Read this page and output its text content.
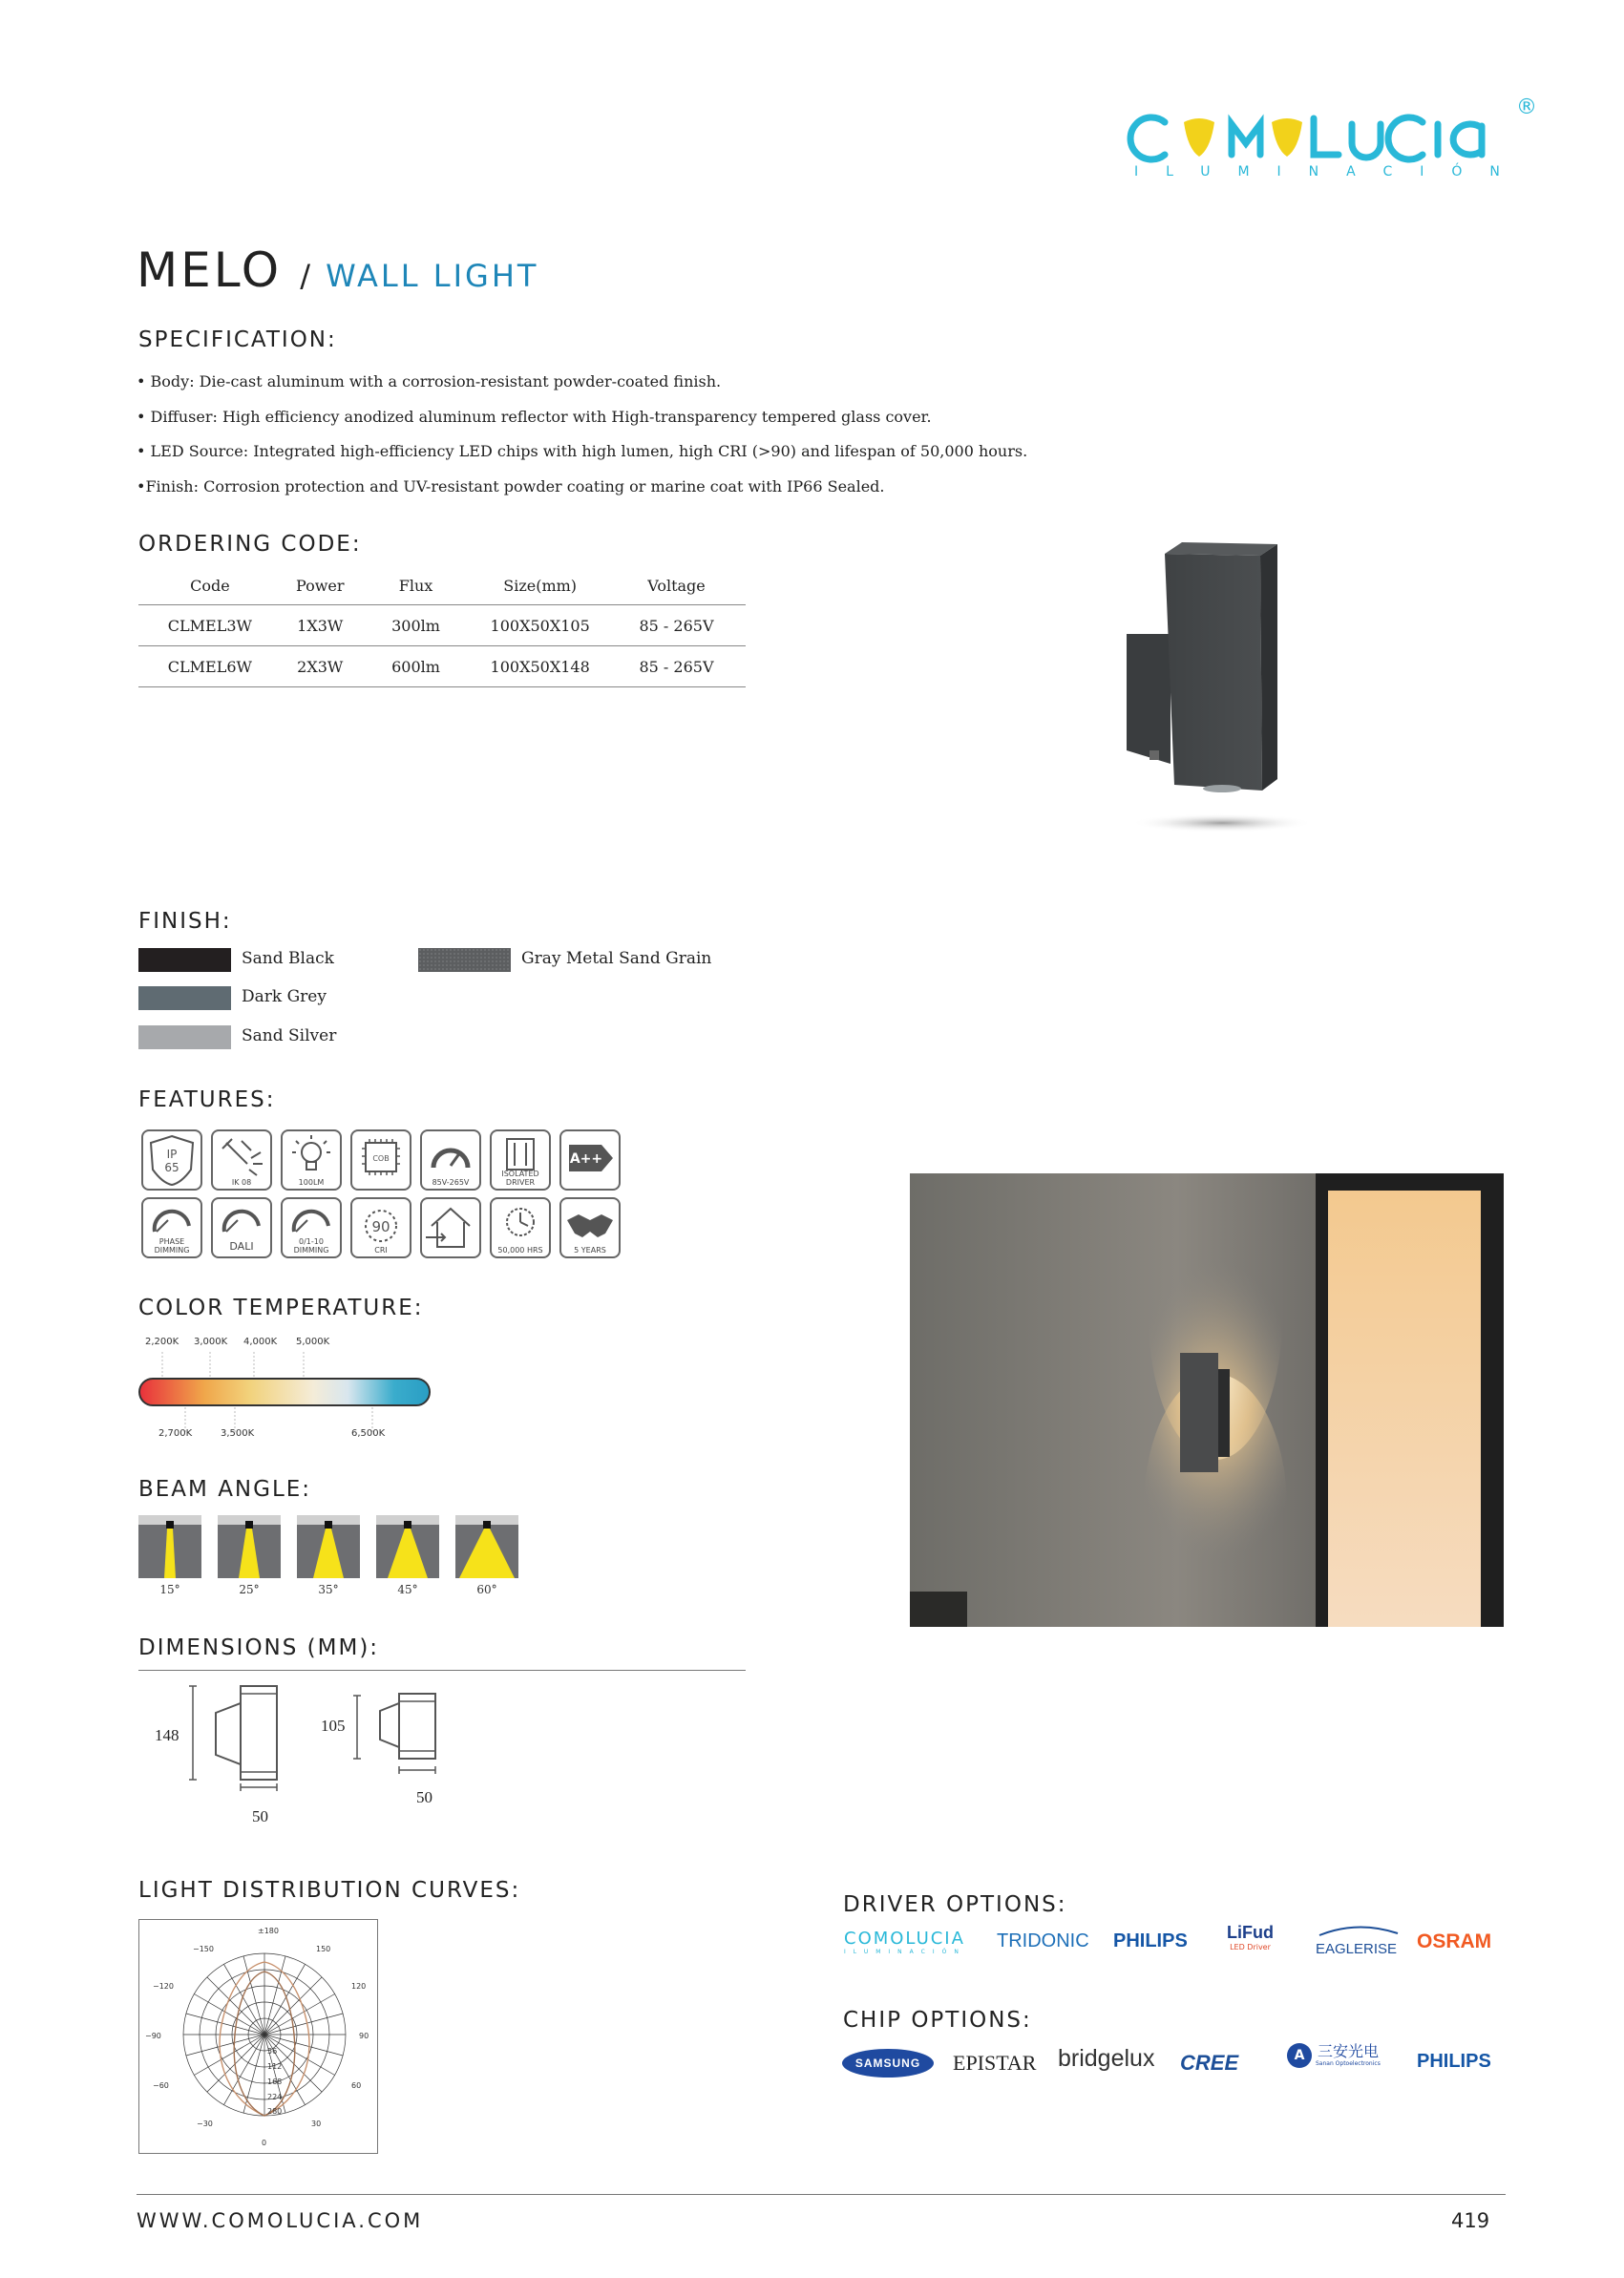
®
ILUMINACIÓN
MELO / WALL LIGHT
SPECIFICATION:
• Body: Die-cast aluminum with a corrosion-resistant powder-coated finish.
• Diffuser: High efficiency anodized aluminum reflector with High-transparency tempered glass cover.
• LED Source: Integrated high-efficiency LED chips with high lumen, high CRI (>90) and lifespan of 50,000 hours.
•Finish: Corrosion protection and UV-resistant powder coating or marine coat with IP66 Sealed.
ORDERING CODE:
Code	Power	Flux	Size(mm)	Voltage
CLMEL3W	1X3W	300lm	100X50X105	85 - 265V
CLMEL6W	2X3W	600lm	100X50X148	85 - 265V
FINISH:
Sand Black
Dark Grey
Sand Silver
Gray Metal Sand Grain
FEATURES:
IP
65
IK 08	100LM
COB
85V-265V
ISOLATED DRIVER
A++
PHASE DIMMING	DALI	0/1-10 DIMMING
90
CRI	50,000 HRS	5 YEARS
COLOR TEMPERATURE:
2,200K 3,000K 4,000K 5,000K
2,700K	3,500K	6,500K
BEAM ANGLE:
15°	25°	35°	45°	60°
DIMENSIONS (MM):
148
50
105
50
LIGHT DISTRIBUTION CURVES:
±180
−150	150
−120	120
−90	90
−60	60
−30	30
0
56
112
168
224
280
DRIVER OPTIONS:
COMOLUCIA
ILUMINACIÓN
TRIDONIC PHILIPS LiFud
LED Driver	EAGLERISE OSRAM
CHIP OPTIONS:
SAMSUNG	EPISTAR bridgelux CREE	A 三安光电
Sanan Optoelectronics PHILIPS
WWW.COMOLUCIA.COM	419
